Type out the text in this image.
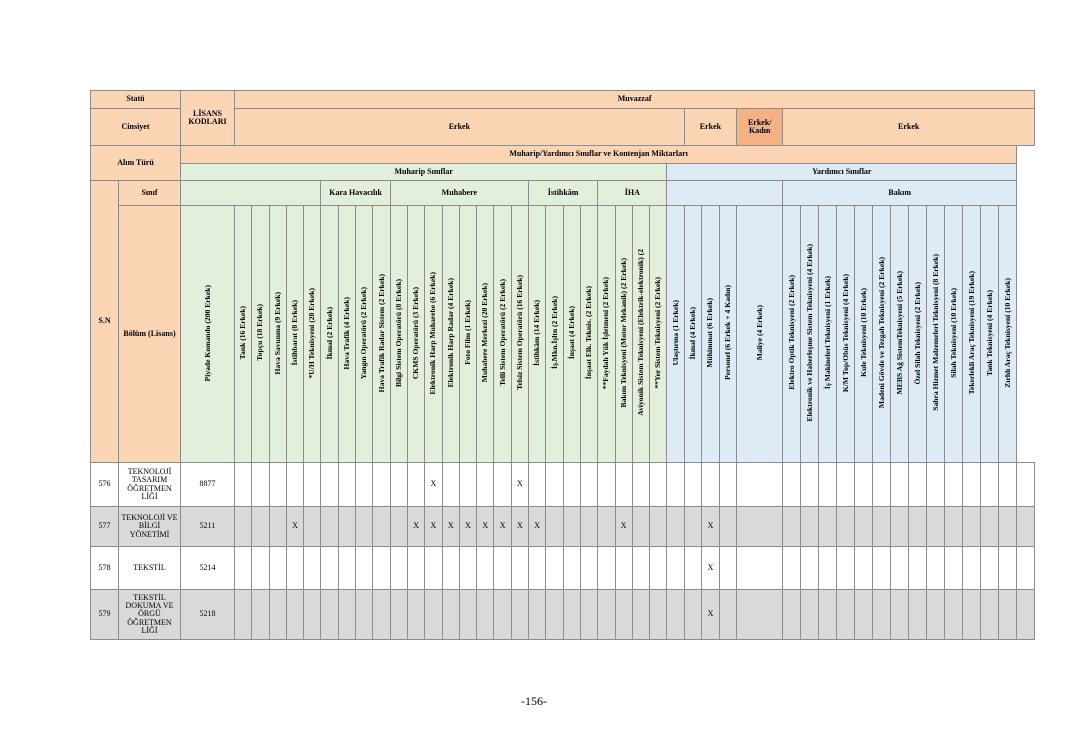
Statü		LİSANS KODLARI	Muvazzaf																																											
Cinsiyet			Erkek																										Erkek			Erkek/ Kadın	Erkek													
Alım Türü		Muharip/Yardımcı Sınıflar ve Kontenjan Miktarları																																												
		Muharip Sınıflar																										Yardımcı Sınıflar																		
S.N	Sınıf							Kara Havacılık				Muhabere								İstihkâm				İHA									Bakım													
	Bölüm (Lisans)	Piyade Komando (200 Erkek)	Tank (16 Erkek)	Topçu (18 Erkek)	Hava Savunma (9 Erkek)	İstihbarat (8 Erkek)	*U/H Teknisyeni (20 Erkek)	İkmal (2 Erkek)	Hava Trafik (4 Erkek)	Yangın Operatörü (2 Erkek)	Hava Trafik Radar Sistem (2 Erkek)	Bilgi Sistem Operatörü (8 Erkek)	CKMS Operatörü (3 Erkek)	Elektronik Harp Muharebe (6 Erkek)	Elektronik Harp Radar (4 Erkek)	Foto Film (1 Erkek)	Muhabere Merkezi (20 Erkek)	Telli Sistem Operatörü (2 Erkek)	Telsiz Sistem Operatörü (16 Erkek)	İstihkâm (14 Erkek)	İş.Mkn.İşltn (2 Erkek)	İnşaat (4 Erkek)	İnşaat Elk. Teknis. (2 Erkek)	**Faydalı Yük İşletmeni (2 Erkek)	Bakım Teknisyeni (Motor Mekanik) (2 Erkek)	Aviyonik Sistem Teknisyeni (Elektrik-elektronik) (2	**Yer Sistem Teknisyeni (2 Erkek)	Ulaştırma (1 Erkek)	İkmal (4 Erkek)	Mühimmat (6 Erkek)	Personel (6 Erkek + 4 Kadın)	Maliye (4 Erkek)	Elektro Optik Teknisyeni (2 Erkek)	Elektronik ve Haberleşme Sistem Teknisyeni (4 Erkek)	İş Makineleri Teknisyeni (1 Erkek)	K/M Top/Obüs Teknisyeni (4 Erkek)	Kule Teknisyeni (10 Erkek)	Madeni Gövde ve Tezgah Teknisyeni (2 Erkek)	MEBS Ağ SistemTeknisyeni (5 Erkek)	Özel Silah Teknisyeni (2 Erkek)	Sahra Hizmet Malzemeleri Teknisyeni (8 Erkek)	Silah Teknisyeni (10 Erkek)	Tekerlekli Araç Teknisyeni (19 Erkek)	Tank Teknisyeni (4 Erkek)	Zırhlı Araç Teknisyeni (10 Erkek)	
576	TEKNOLOJİ TASARIM ÖĞRETMEN LİĞİ	8877												X					X																											
577	TEKNOLOJİ VE BİLGİ YÖNETİMİ	5211				X							X	X	X	X	X	X	X	X					X					X																
578	TEKSTİL	5214																												X																
579	TEKSTİL DOKUMA VE ÖRGÜ ÖĞRETMEN LİĞİ	5218																												X																
-156-
